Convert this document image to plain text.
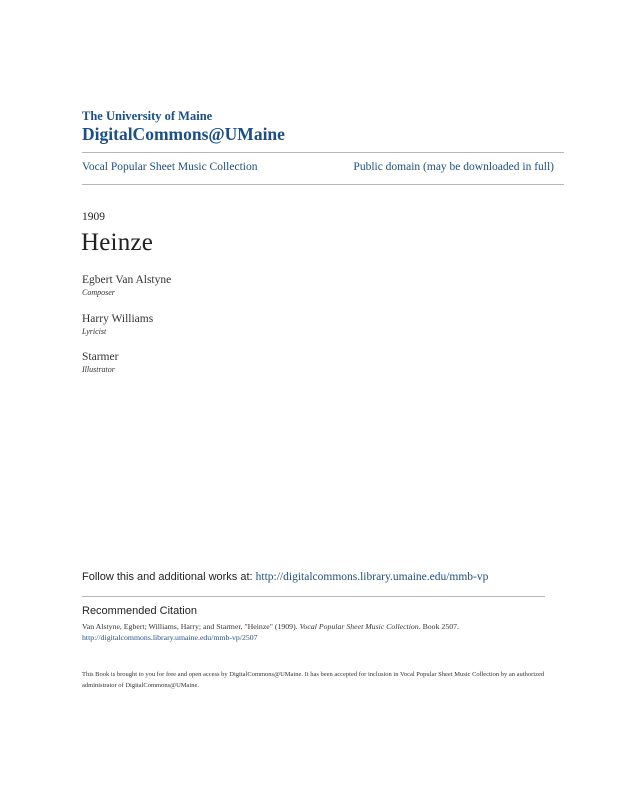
The University of Maine
DigitalCommons@UMaine
Vocal Popular Sheet Music Collection	Public domain (may be downloaded in full)
1909
Heinze
Egbert Van Alstyne
Composer
Harry Williams
Lyricist
Starmer
Illustrator
Follow this and additional works at: http://digitalcommons.library.umaine.edu/mmb-vp
Recommended Citation
Van Alstyne, Egbert; Williams, Harry; and Starmer, "Heinze" (1909). Vocal Popular Sheet Music Collection. Book 2507.
http://digitalcommons.library.umaine.edu/mmb-vp/2507
This Book is brought to you for free and open access by DigitalCommons@UMaine. It has been accepted for inclusion in Vocal Popular Sheet Music Collection by an authorized administrator of DigitalCommons@UMaine.
